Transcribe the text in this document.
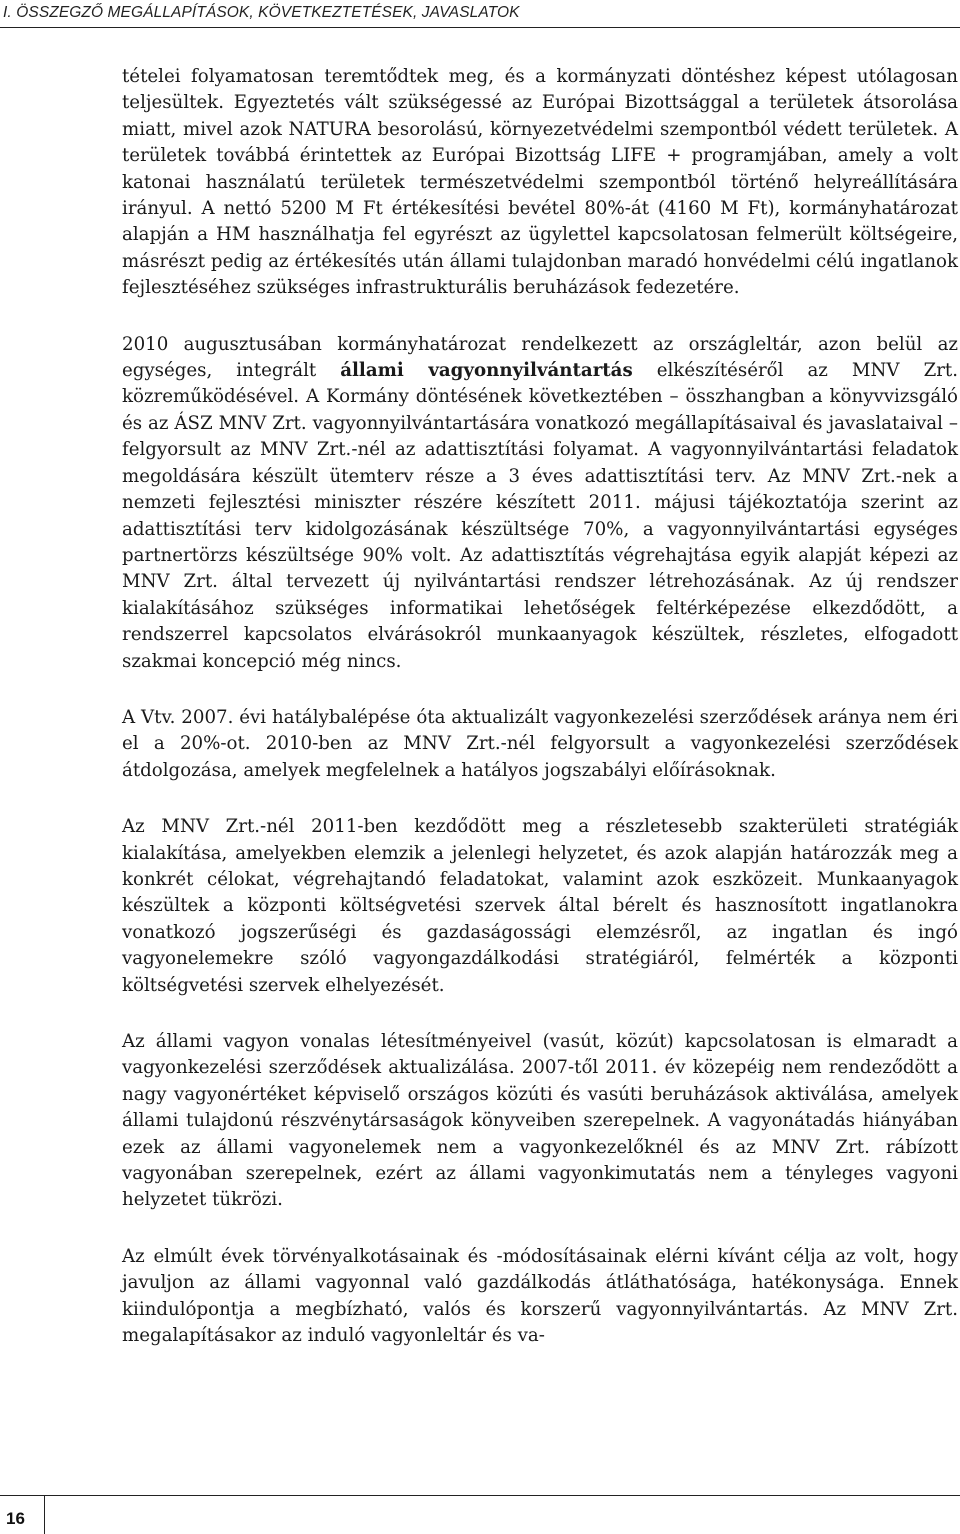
I. ÖSSZEGZŐ MEGÁLLAPÍTÁSOK, KÖVETKEZTETÉSEK, JAVASLATOK

tételei folyamatosan teremtődtek meg, és a kormányzati döntéshez képest utólagosan teljesültek. Egyeztetés vált szükségessé az Európai Bizottsággal a területek átsorolása miatt, mivel azok NATURA besorolású, környezetvédelmi szempontból védett területek. A területek továbbá érintettek az Európai Bizottság LIFE + programjában, amely a volt katonai használatú területek természetvédelmi szempontból történő helyreállítására irányul. A nettó 5200 M Ft értékesítési bevétel 80%-át (4160 M Ft), kormányhatározat alapján a HM használhatja fel egyrészt az ügylettel kapcsolatosan felmerült költségeire, másrészt pedig az értékesítés után állami tulajdonban maradó honvédelmi célú ingatlanok fejlesztéséhez szükséges infrastrukturális beruházások fedezetére.

2010 augusztusában kormányhatározat rendelkezett az országleltár, azon belül az egységes, integrált állami vagyonnyilvántartás elkészítéséről az MNV Zrt. közreműködésével. A Kormány döntésének következtében – összhangban a könyvvizsgáló és az ÁSZ MNV Zrt. vagyonnyilvántartására vonatkozó megállapításaival és javaslataival – felgyorsult az MNV Zrt.-nél az adattisztítási folyamat. A vagyonnyilvántartási feladatok megoldására készült ütemterv része a 3 éves adattisztítási terv. Az MNV Zrt.-nek a nemzeti fejlesztési miniszter részére készített 2011. májusi tájékoztatója szerint az adattisztítási terv kidolgozásának készültsége 70%, a vagyonnyilvántartási egységes partnertörzs készültsége 90% volt. Az adattisztítás végrehajtása egyik alapját képezi az MNV Zrt. által tervezett új nyilvántartási rendszer létrehozásának. Az új rendszer kialakításához szükséges informatikai lehetőségek feltérképezése elkezdődött, a rendszerrel kapcsolatos elvárásokról munkaanyagok készültek, részletes, elfogadott szakmai koncepció még nincs.

A Vtv. 2007. évi hatálybalépése óta aktualizált vagyonkezelési szerződések aránya nem éri el a 20%-ot. 2010-ben az MNV Zrt.-nél felgyorsult a vagyonkezelési szerződések átdolgozása, amelyek megfelelnek a hatályos jogszabályi előírásoknak.

Az MNV Zrt.-nél 2011-ben kezdődött meg a részletesebb szakterületi stratégiák kialakítása, amelyekben elemzik a jelenlegi helyzetet, és azok alapján határozzák meg a konkrét célokat, végrehajtandó feladatokat, valamint azok eszközeit. Munkaanyagok készültek a központi költségvetési szervek által bérelt és hasznosított ingatlanokra vonatkozó jogszerűségi és gazdaságossági elemzésről, az ingatlan és ingó vagyonelemekre szóló vagyongazdálkodási stratégiáról, felmérték a központi költségvetési szervek elhelyezését.

Az állami vagyon vonalas létesítményeivel (vasút, közút) kapcsolatosan is elmaradt a vagyonkezelési szerződések aktualizálása. 2007-től 2011. év közepéig nem rendeződött a nagy vagyonértéket képviselő országos közúti és vasúti beruházások aktiválása, amelyek állami tulajdonú részvénytársaságok könyveiben szerepelnek. A vagyonátadás hiányában ezek az állami vagyonelemek nem a vagyonkezelőknél és az MNV Zrt. rábízott vagyonában szerepelnek, ezért az állami vagyonkimutatás nem a tényleges vagyoni helyzetet tükrözi.

Az elmúlt évek törvényalkotásainak és -módosításainak elérni kívánt célja az volt, hogy javuljon az állami vagyonnal való gazdálkodás átláthatósága, hatékonysága. Ennek kiindulópontja a megbízható, valós és korszerű vagyonnyilvántartás. Az MNV Zrt. megalapításakor az induló vagyonleltár és va-

16
